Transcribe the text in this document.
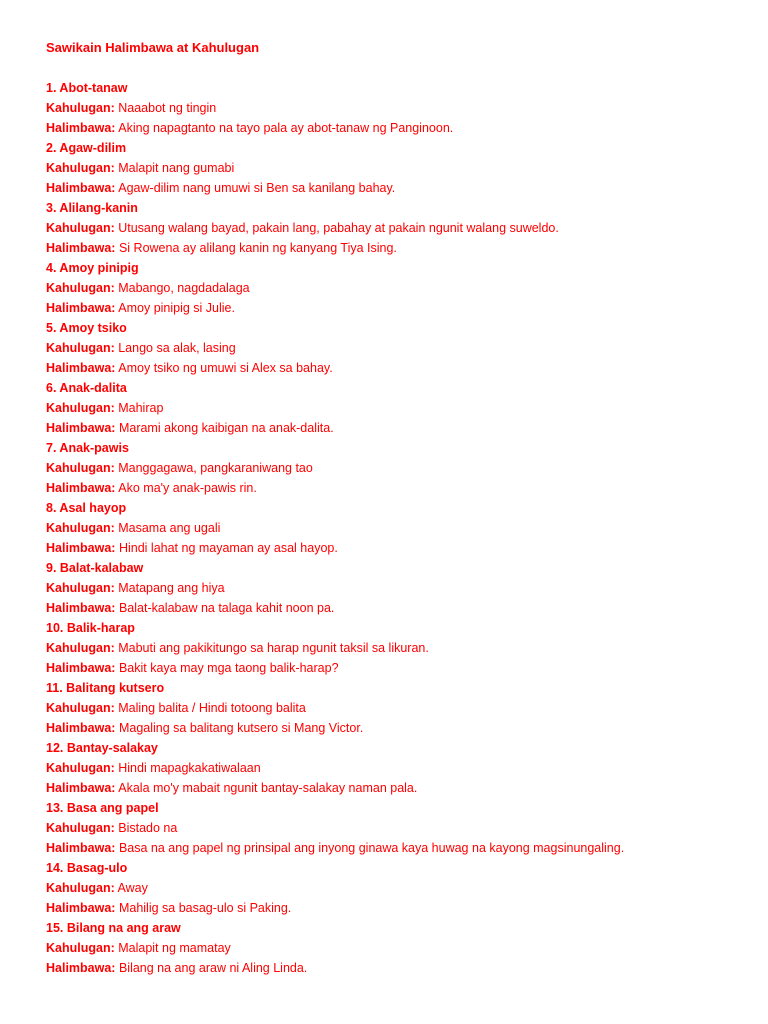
Sawikain Halimbawa at Kahulugan
1. Abot-tanaw
Kahulugan: Naaabot ng tingin
Halimbawa: Aking napagtanto na tayo pala ay abot-tanaw ng Panginoon.
2. Agaw-dilim
Kahulugan: Malapit nang gumabi
Halimbawa: Agaw-dilim nang umuwi si Ben sa kanilang bahay.
3. Alilang-kanin
Kahulugan: Utusang walang bayad, pakain lang, pabahay at pakain ngunit walang suweldo.
Halimbawa: Si Rowena ay alilang kanin ng kanyang Tiya Ising.
4. Amoy pinipig
Kahulugan: Mabango, nagdadalaga
Halimbawa: Amoy pinipig si Julie.
5. Amoy tsiko
Kahulugan: Lango sa alak, lasing
Halimbawa: Amoy tsiko ng umuwi si Alex sa bahay.
6. Anak-dalita
Kahulugan: Mahirap
Halimbawa: Marami akong kaibigan na anak-dalita.
7. Anak-pawis
Kahulugan: Manggagawa, pangkaraniwang tao
Halimbawa: Ako ma'y anak-pawis rin.
8. Asal hayop
Kahulugan: Masama ang ugali
Halimbawa: Hindi lahat ng mayaman ay asal hayop.
9. Balat-kalabaw
Kahulugan: Matapang ang hiya
Halimbawa: Balat-kalabaw na talaga kahit noon pa.
10. Balik-harap
Kahulugan: Mabuti ang pakikitungo sa harap ngunit taksil sa likuran.
Halimbawa: Bakit kaya may mga taong balik-harap?
11. Balitang kutsero
Kahulugan: Maling balita / Hindi totoong balita
Halimbawa: Magaling sa balitang kutsero si Mang Victor.
12. Bantay-salakay
Kahulugan: Hindi mapagkakatiwalaan
Halimbawa: Akala mo'y mabait ngunit bantay-salakay naman pala.
13. Basa ang papel
Kahulugan: Bistado na
Halimbawa: Basa na ang papel ng prinsipal ang inyong ginawa kaya huwag na kayong magsinungaling.
14. Basag-ulo
Kahulugan: Away
Halimbawa: Mahilig sa basag-ulo si Paking.
15. Bilang na ang araw
Kahulugan: Malapit ng mamatay
Halimbawa: Bilang na ang araw ni Aling Linda.
